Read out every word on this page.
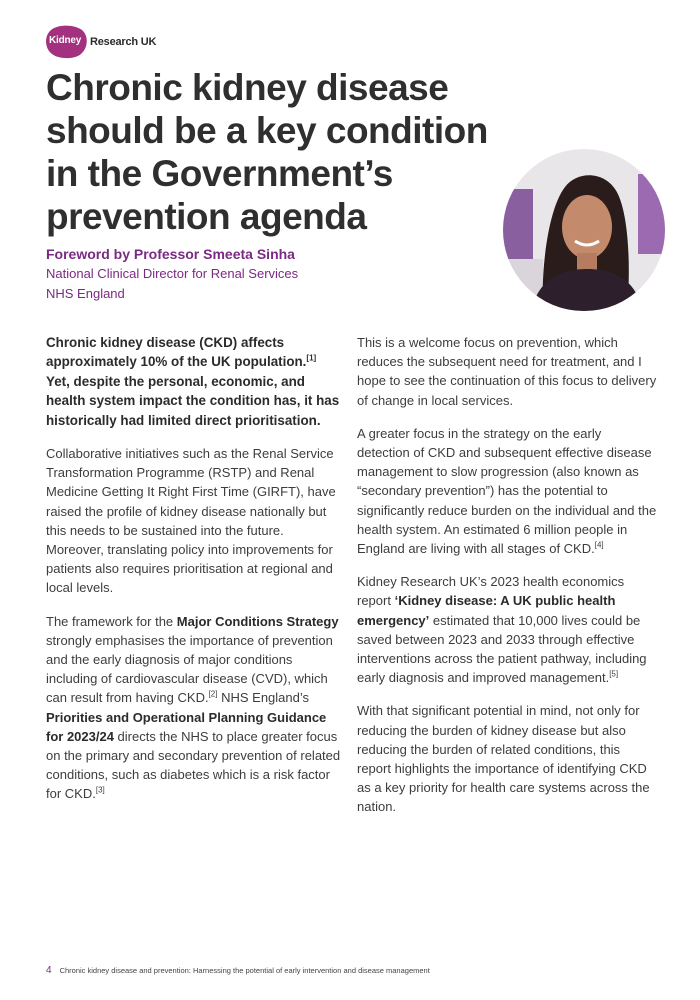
Kidney Research UK
Chronic kidney disease should be a key condition in the Government’s prevention agenda
Foreword by Professor Smeeta Sinha
National Clinical Director for Renal Services
NHS England

Chronic kidney disease (CKD) affects approximately 10% of the UK population.[1] Yet, despite the personal, economic, and health system impact the condition has, it has historically had limited direct prioritisation.

Collaborative initiatives such as the Renal Service Transformation Programme (RSTP) and Renal Medicine Getting It Right First Time (GIRFT), have raised the profile of kidney disease nationally but this needs to be sustained into the future. Moreover, translating policy into improvements for patients also requires prioritisation at regional and local levels.

The framework for the Major Conditions Strategy strongly emphasises the importance of prevention and the early diagnosis of major conditions including of cardiovascular disease (CVD), which can result from having CKD.[2] NHS England’s Priorities and Operational Planning Guidance for 2023/24 directs the NHS to place greater focus on the primary and secondary prevention of related conditions, such as diabetes which is a risk factor for CKD.[3]

This is a welcome focus on prevention, which reduces the subsequent need for treatment, and I hope to see the continuation of this focus to delivery of change in local services.

A greater focus in the strategy on the early detection of CKD and subsequent effective disease management to slow progression (also known as “secondary prevention”) has the potential to significantly reduce burden on the individual and the health system. An estimated 6 million people in England are living with all stages of CKD.[4]

Kidney Research UK’s 2023 health economics report ‘Kidney disease: A UK public health emergency’ estimated that 10,000 lives could be saved between 2023 and 2033 through effective interventions across the patient pathway, including early diagnosis and improved management.[5]

With that significant potential in mind, not only for reducing the burden of kidney disease but also reducing the burden of related conditions, this report highlights the importance of identifying CKD as a key priority for health care systems across the nation.

4 Chronic kidney disease and prevention: Harnessing the potential of early intervention and disease management
